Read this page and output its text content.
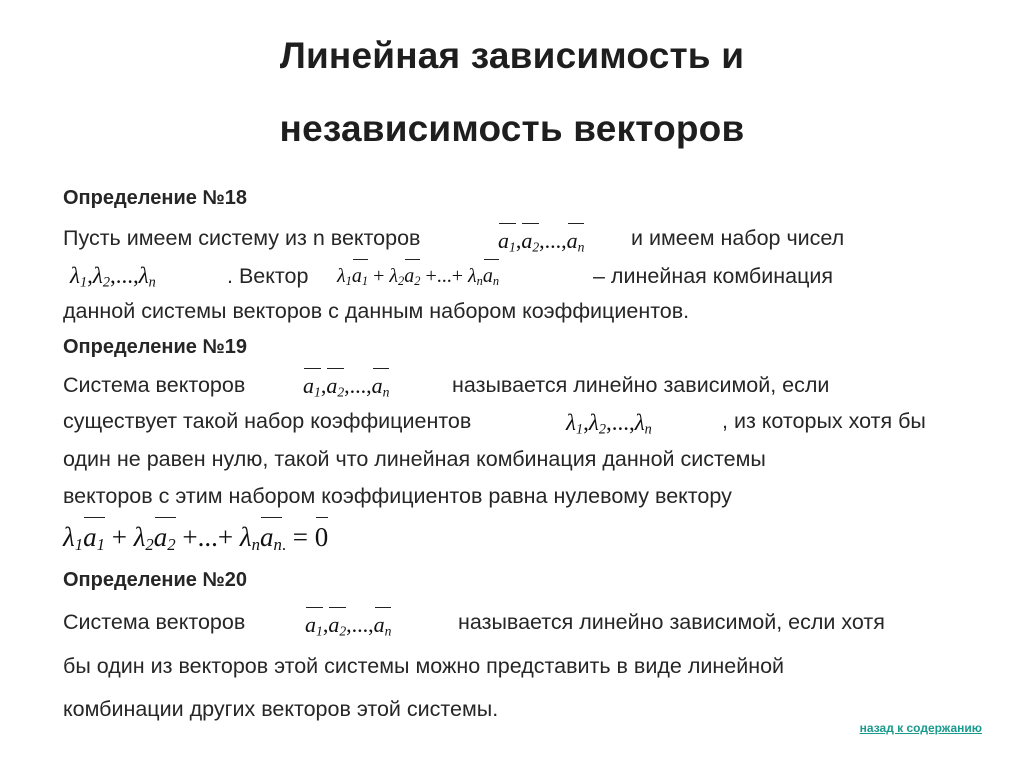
Линейная зависимость и
независимость векторов
Определение №18
Пусть имеем систему из n векторов	$a_1,a_2,...,a_n$ и имеем набор чисел
$\lambda_1,\lambda_2,...,\lambda_n$	. Вектор $\lambda_1a_1 + \lambda_2a_2$ +...+ $\lambda_na_n$	– линейная комбинация
данной системы векторов с данным набором коэффициентов.
Определение №19
Система векторов	$a_1,a_2,...,a_n$	называется линейно зависимой, если
существует такой набор коэффициентов	$\lambda_1,\lambda_2,...,\lambda_n$	, из которых хотя бы
один не равен нулю, такой что линейная комбинация данной системы
векторов с этим набором коэффициентов равна нулевому вектору
$\lambda_1a_1 + \lambda_2a_2$ +...+ $\lambda_na_{n.} = 0$
Определение №20
Система векторов	$a_1,a_2,...,a_n$	называется линейно зависимой, если хотя
бы один из векторов этой системы можно представить в виде линейной
комбинации других векторов этой системы.
назад к содержанию
